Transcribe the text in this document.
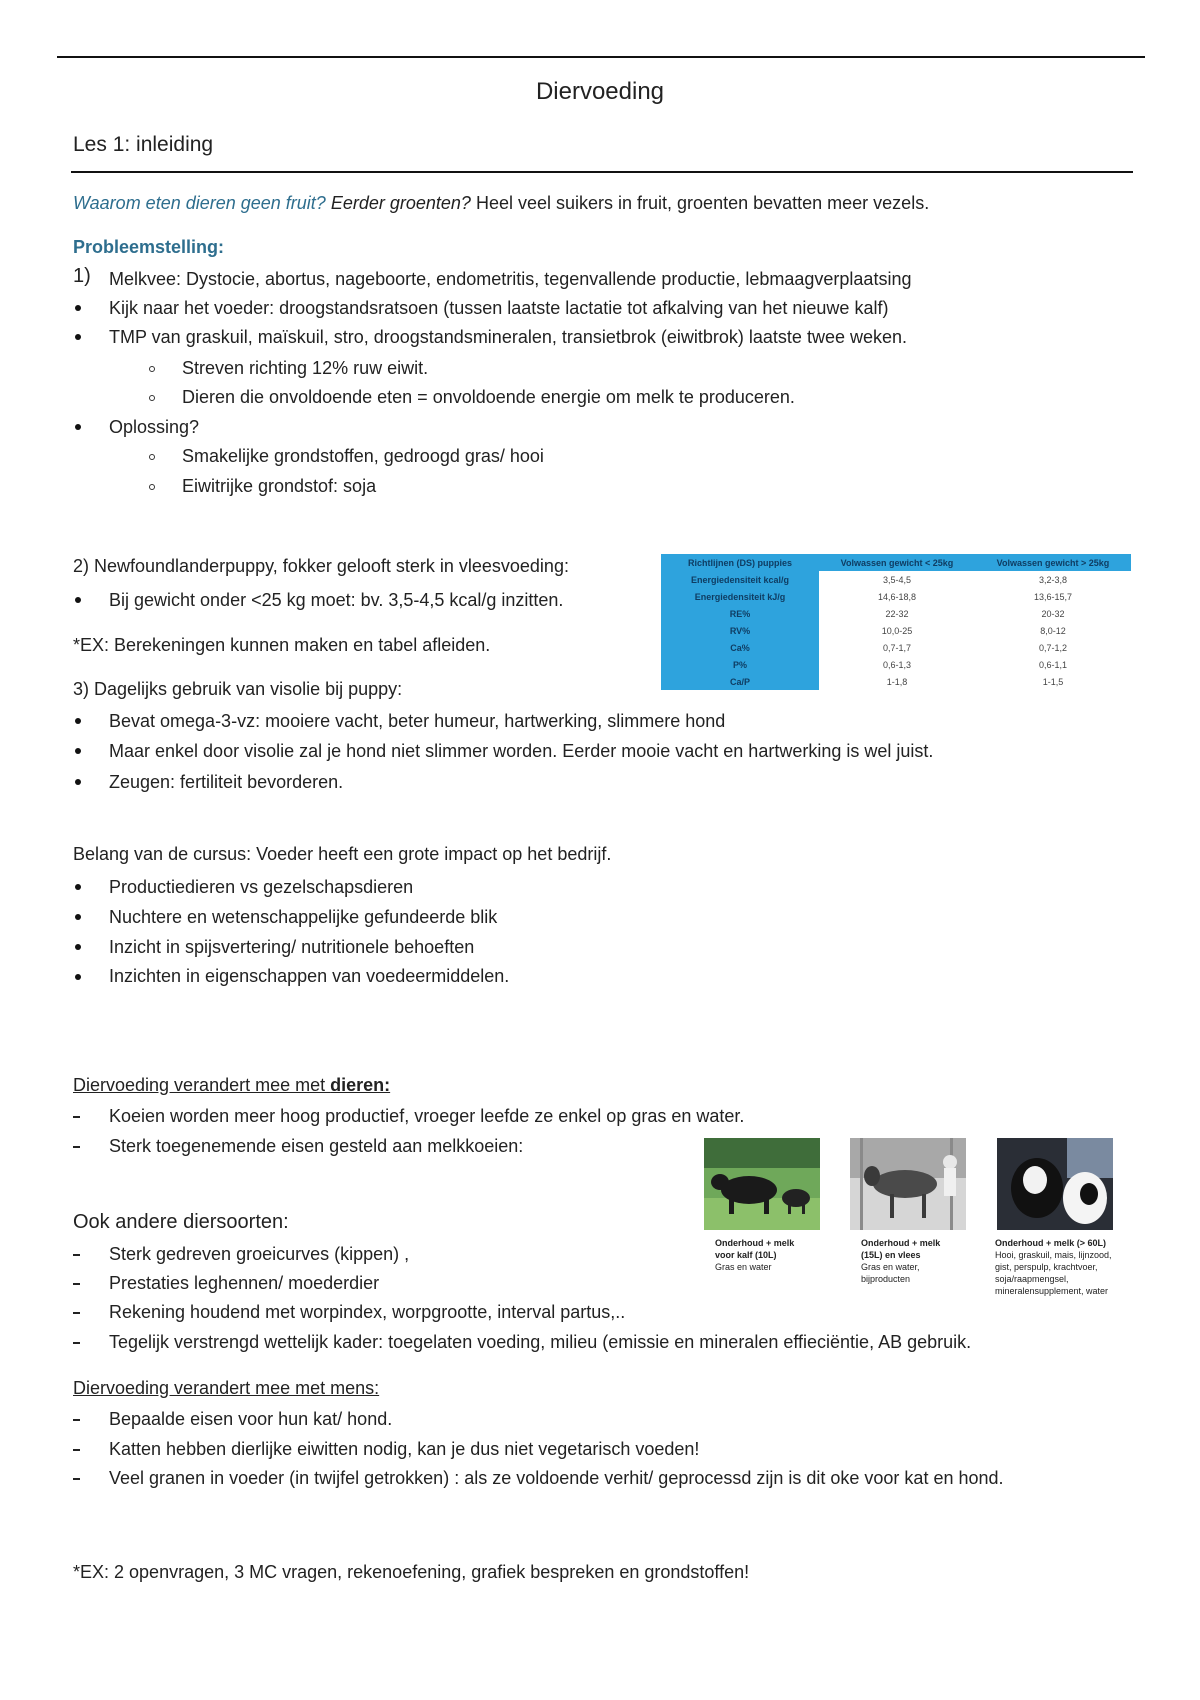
Diervoeding
Les 1: inleiding
Waarom eten dieren geen fruit? Eerder groenten? Heel veel suikers in fruit, groenten bevatten meer vezels.
Probleemstelling:
1) Melkvee: Dystocie, abortus, nageboorte, endometritis, tegenvallende productie, lebmaagverplaatsing
Kijk naar het voeder: droogstandsratsoen (tussen laatste lactatie tot afkalving van het nieuwe kalf)
TMP van graskuil, maïskuil, stro, droogstandsmineralen, transietbrok (eiwitbrok) laatste twee weken.
Streven richting 12% ruw eiwit.
Dieren die onvoldoende eten = onvoldoende energie om melk te produceren.
Oplossing?
Smakelijke grondstoffen, gedroogd gras/ hooi
Eiwitrijke grondstof: soja
2) Newfoundlanderpuppy, fokker gelooft sterk in vleesvoeding:
Bij gewicht onder <25 kg moet: bv. 3,5-4,5 kcal/g inzitten.
*EX: Berekeningen kunnen maken en tabel afleiden.
Richtlijnen (DS) puppies	Volwassen gewicht < 25kg	Volwassen gewicht > 25kg
Energiedensiteit kcal/g	3,5-4,5	3,2-3,8
Energiedensiteit kJ/g	14,6-18,8	13,6-15,7
RE%	22-32	20-32
RV%	10,0-25	8,0-12
Ca%	0,7-1,7	0,7-1,2
P%	0,6-1,3	0,6-1,1
Ca/P	1-1,8	1-1,5
3) Dagelijks gebruik van visolie bij puppy:
Bevat omega-3-vz: mooiere vacht, beter humeur, hartwerking, slimmere hond
Maar enkel door visolie zal je hond niet slimmer worden. Eerder mooie vacht en hartwerking is wel juist.
Zeugen: fertiliteit bevorderen.
Belang van de cursus: Voeder heeft een grote impact op het bedrijf.
Productiedieren vs gezelschapsdieren
Nuchtere en wetenschappelijke gefundeerde blik
Inzicht in spijsvertering/ nutritionele behoeften
Inzichten in eigenschappen van voedeermiddelen.
Diervoeding verandert mee met dieren:
Koeien worden meer hoog productief, vroeger leefde ze enkel op gras en water.
Sterk toegenemende eisen gesteld aan melkkoeien:
Onderhoud + melk
voor kalf (10L)
Gras en water
Onderhoud + melk
(15L) en vlees
Gras en water,
bijproducten
Onderhoud + melk (> 60L)
Hooi, graskuil, mais, lijnzood,
gist, perspulp, krachtvoer,
soja/raapmengsel,
mineralensupplement, water
Ook andere diersoorten:
Sterk gedreven groeicurves (kippen) ,
Prestaties leghennen/ moederdier
Rekening houdend met worpindex, worpgrootte, interval partus,..
Tegelijk verstrengd wettelijk kader: toegelaten voeding, milieu (emissie en mineralen effieciëntie, AB gebruik.
Diervoeding verandert mee met mens:
Bepaalde eisen voor hun kat/ hond.
Katten hebben dierlijke eiwitten nodig, kan je dus niet vegetarisch voeden!
Veel granen in voeder (in twijfel getrokken) : als ze voldoende verhit/ geprocessd zijn is dit oke voor kat en hond.
*EX: 2 openvragen, 3 MC vragen, rekenoefening, grafiek bespreken en grondstoffen!
